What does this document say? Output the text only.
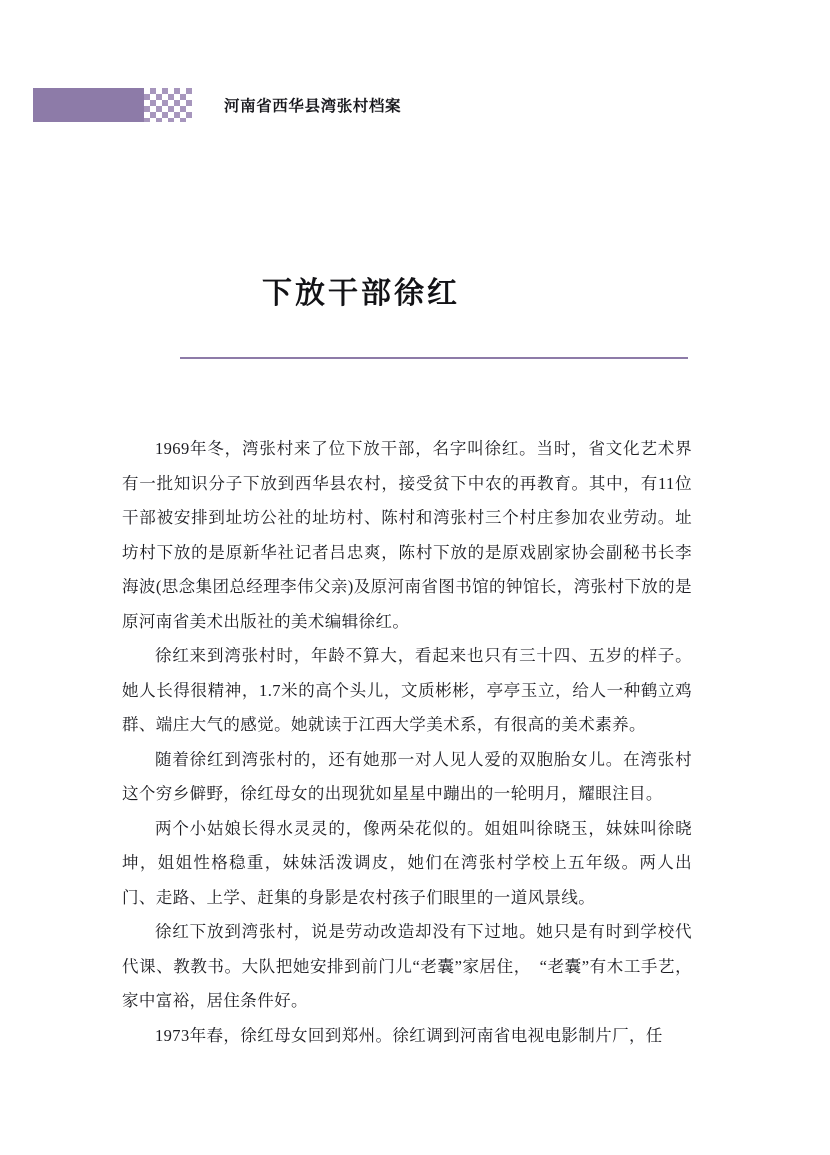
河南省西华县湾张村档案
下放干部徐红

1969年冬，湾张村来了位下放干部，名字叫徐红。当时，省文化艺术界有一批知识分子下放到西华县农村，接受贫下中农的再教育。其中，有11位干部被安排到址坊公社的址坊村、陈村和湾张村三个村庄参加农业劳动。址坊村下放的是原新华社记者吕忠爽，陈村下放的是原戏剧家协会副秘书长李海波(思念集团总经理李伟父亲)及原河南省图书馆的钟馆长，湾张村下放的是原河南省美术出版社的美术编辑徐红。

徐红来到湾张村时，年龄不算大，看起来也只有三十四、五岁的样子。她人长得很精神，1.7米的高个头儿，文质彬彬，亭亭玉立，给人一种鹤立鸡群、端庄大气的感觉。她就读于江西大学美术系，有很高的美术素养。

随着徐红到湾张村的，还有她那一对人见人爱的双胞胎女儿。在湾张村这个穷乡僻野，徐红母女的出现犹如星星中蹦出的一轮明月，耀眼注目。

两个小姑娘长得水灵灵的，像两朵花似的。姐姐叫徐晓玉，妹妹叫徐晓坤，姐姐性格稳重，妹妹活泼调皮，她们在湾张村学校上五年级。两人出门、走路、上学、赶集的身影是农村孩子们眼里的一道风景线。

徐红下放到湾张村，说是劳动改造却没有下过地。她只是有时到学校代代课、教教书。大队把她安排到前门儿“老囊”家居住，　“老囊”有木工手艺，家中富裕，居住条件好。

1973年春，徐红母女回到郑州。徐红调到河南省电视电影制片厂，任
